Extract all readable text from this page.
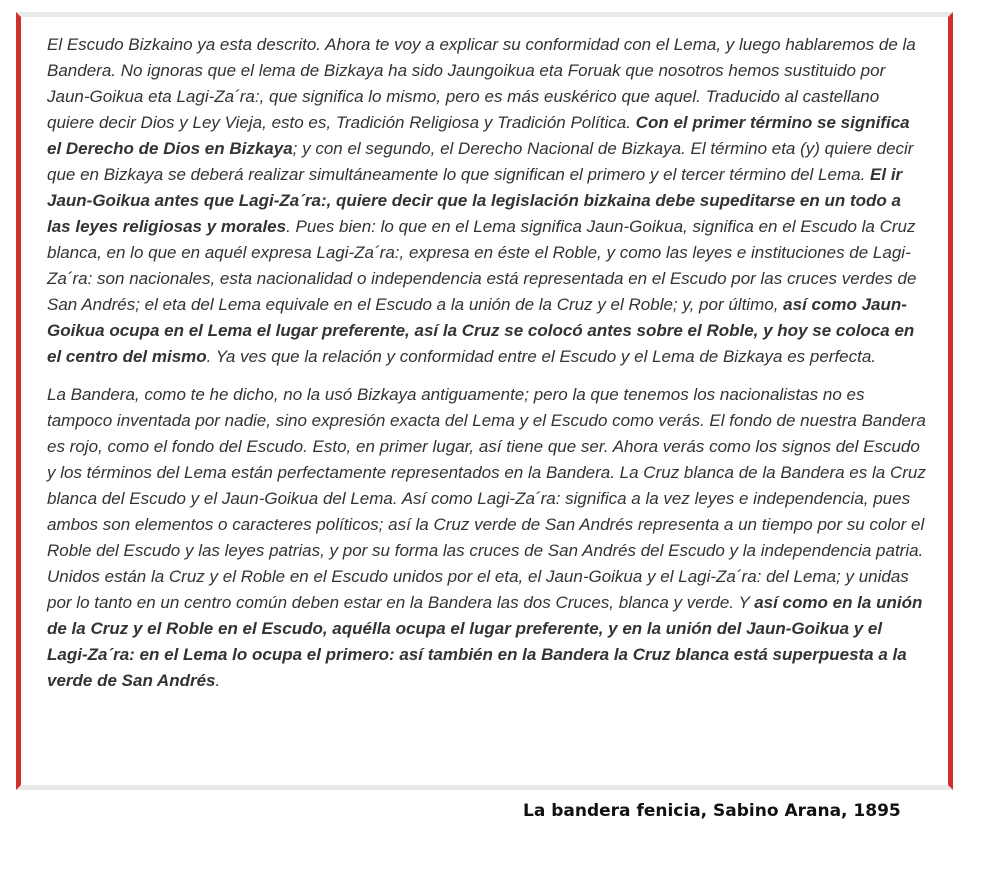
El Escudo Bizkaino ya esta descrito. Ahora te voy a explicar su conformidad con el Lema, y luego hablaremos de la Bandera. No ignoras que el lema de Bizkaya ha sido Jaungoikua eta Foruak que nosotros hemos sustituido por Jaun-Goikua eta Lagi-Za´ra:, que significa lo mismo, pero es más euskérico que aquel. Traducido al castellano quiere decir Dios y Ley Vieja, esto es, Tradición Religiosa y Tradición Política. Con el primer término se significa el Derecho de Dios en Bizkaya; y con el segundo, el Derecho Nacional de Bizkaya. El término eta (y) quiere decir que en Bizkaya se deberá realizar simultáneamente lo que significan el primero y el tercer término del Lema. El ir Jaun-Goikua antes que Lagi-Za´ra:, quiere decir que la legislación bizkaina debe supeditarse en un todo a las leyes religiosas y morales. Pues bien: lo que en el Lema significa Jaun-Goikua, significa en el Escudo la Cruz blanca, en lo que en aquél expresa Lagi-Za´ra:, expresa en éste el Roble, y como las leyes e instituciones de Lagi-Za´ra: son nacionales, esta nacionalidad o independencia está representada en el Escudo por las cruces verdes de San Andrés; el eta del Lema equivale en el Escudo a la unión de la Cruz y el Roble; y, por último, así como Jaun-Goikua ocupa en el Lema el lugar preferente, así la Cruz se colocó antes sobre el Roble, y hoy se coloca en el centro del mismo. Ya ves que la relación y conformidad entre el Escudo y el Lema de Bizkaya es perfecta.

La Bandera, como te he dicho, no la usó Bizkaya antiguamente; pero la que tenemos los nacionalistas no es tampoco inventada por nadie, sino expresión exacta del Lema y el Escudo como verás. El fondo de nuestra Bandera es rojo, como el fondo del Escudo. Esto, en primer lugar, así tiene que ser. Ahora verás como los signos del Escudo y los términos del Lema están perfectamente representados en la Bandera. La Cruz blanca de la Bandera es la Cruz blanca del Escudo y el Jaun-Goikua del Lema. Así como Lagi-Za´ra: significa a la vez leyes e independencia, pues ambos son elementos o caracteres políticos; así la Cruz verde de San Andrés representa a un tiempo por su color el Roble del Escudo y las leyes patrias, y por su forma las cruces de San Andrés del Escudo y la independencia patria. Unidos están la Cruz y el Roble en el Escudo unidos por el eta, el Jaun-Goikua y el Lagi-Za´ra: del Lema; y unidas por lo tanto en un centro común deben estar en la Bandera las dos Cruces, blanca y verde. Y así como en la unión de la Cruz y el Roble en el Escudo, aquélla ocupa el lugar preferente, y en la unión del Jaun-Goikua y el Lagi-Za´ra: en el Lema lo ocupa el primero: así también en la Bandera la Cruz blanca está superpuesta a la verde de San Andrés.

La bandera fenicia, Sabino Arana, 1895
